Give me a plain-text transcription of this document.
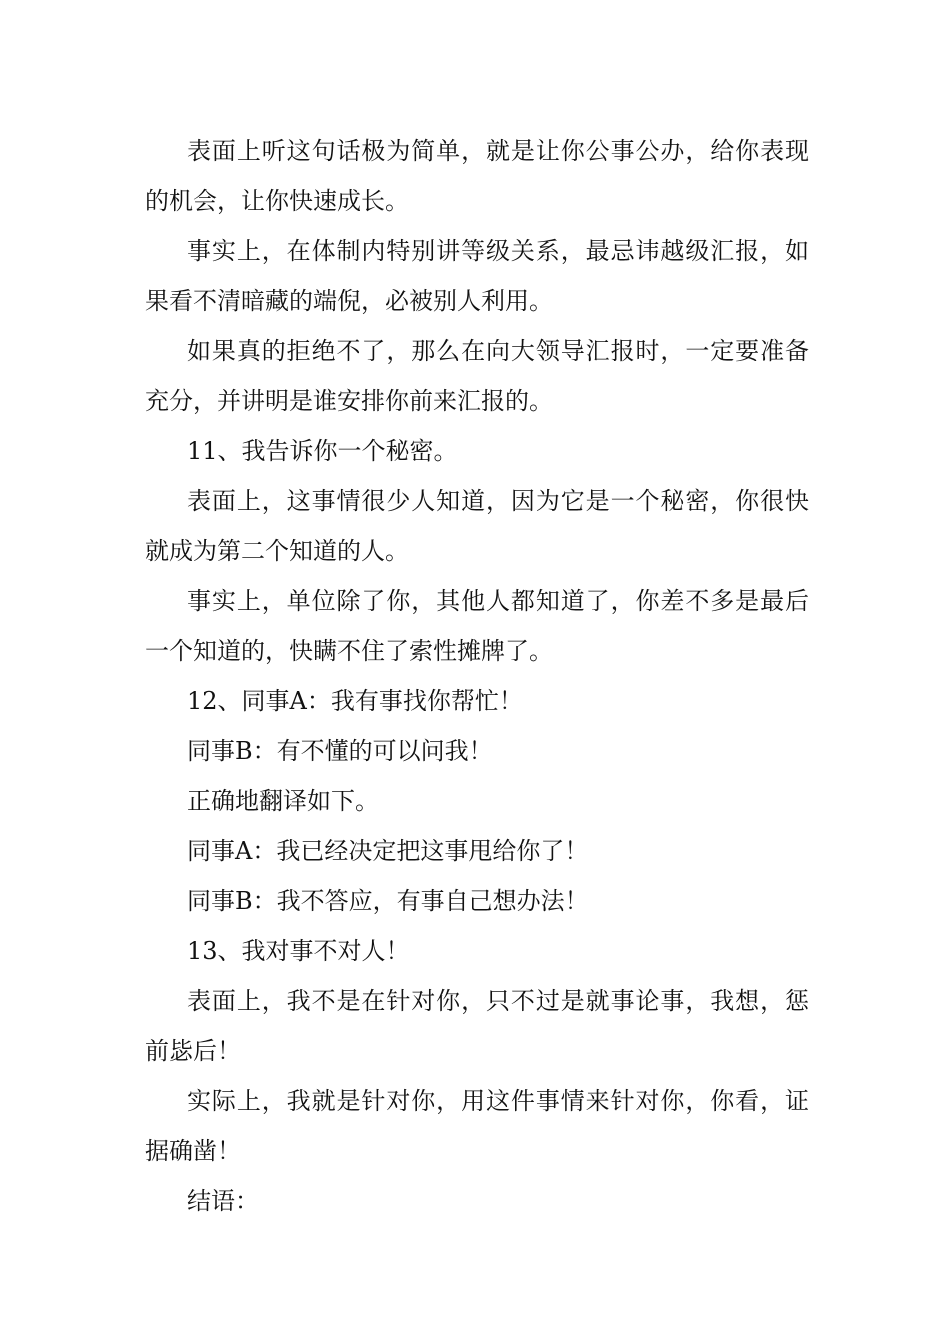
表面上听这句话极为简单，就是让你公事公办，给你表现的机会，让你快速成长。

事实上，在体制内特别讲等级关系，最忌讳越级汇报，如果看不清暗藏的端倪，必被别人利用。

如果真的拒绝不了，那么在向大领导汇报时，一定要准备充分，并讲明是谁安排你前来汇报的。

11、我告诉你一个秘密。

表面上，这事情很少人知道，因为它是一个秘密，你很快就成为第二个知道的人。

事实上，单位除了你，其他人都知道了，你差不多是最后一个知道的，快瞒不住了索性摊牌了。

12、同事A：我有事找你帮忙！

同事B：有不懂的可以问我！

正确地翻译如下。

同事A：我已经决定把这事甩给你了！

同事B：我不答应，有事自己想办法！

13、我对事不对人！

表面上，我不是在针对你，只不过是就事论事，我想，惩前毖后！

实际上，我就是针对你，用这件事情来针对你，你看，证据确凿！

结语：
